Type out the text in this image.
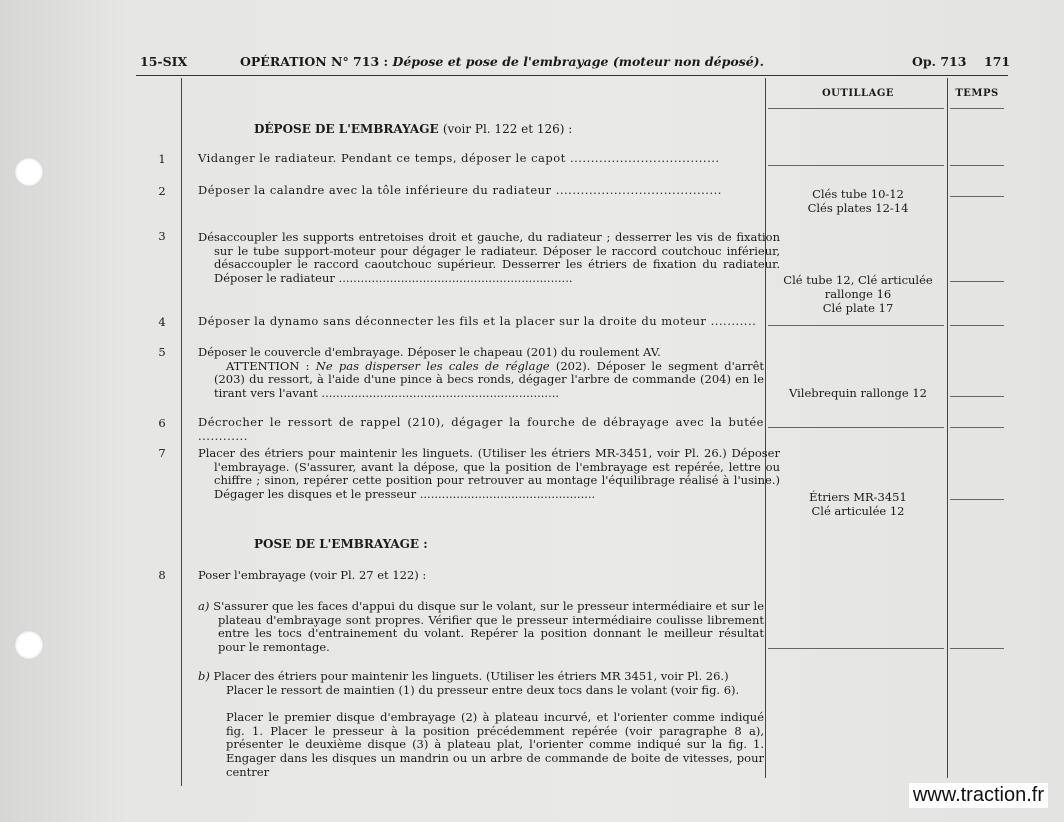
15-SIX	OPÉRATION N° 713 : Dépose et pose de l'embrayage (moteur non déposé).	Op. 713 171
OUTILLAGE	TEMPS
DÉPOSE DE L'EMBRAYAGE (voir Pl. 122 et 126) :
1	Vidanger le radiateur. Pendant ce temps, déposer le capot ....................................
2	Déposer la calandre avec la tôle inférieure du radiateur ........................................	Clés tube 10-12
Clés plates 12-14
3	Désaccoupler les supports entretoises droit et gauche, du radiateur ; desserrer les vis de fixation sur le tube support-moteur pour dégager le radiateur. Déposer le raccord coutchouc inférieur, désaccoupler le raccord caoutchouc supérieur. Desserrer les étriers de fixation du radiateur. Déposer le radiateur ................................................................	Clé tube 12, Clé articulée
rallonge 16
Clé plate 17
4	Déposer la dynamo sans déconnecter les fils et la placer sur la droite du moteur ...........
5	Déposer le couvercle d'embrayage. Déposer le chapeau (201) du roulement AV.
ATTENTION : Ne pas disperser les cales de réglage (202). Déposer le segment d'arrêt (203) du ressort, à l'aide d'une pince à becs ronds, dégager l'arbre de commande (204) en le tirant vers l'avant .................................................................	Vilebrequin rallonge 12
6	Décrocher le ressort de rappel (210), dégager la fourche de débrayage avec la butée ............
7	Placer des étriers pour maintenir les linguets. (Utiliser les étriers MR-3451, voir Pl. 26.) Déposer l'embrayage. (S'assurer, avant la dépose, que la position de l'embrayage est repérée, lettre ou chiffre ; sinon, repérer cette position pour retrouver au montage l'équilibrage réalisé à l'usine.) Dégager les disques et le presseur ................................................	Étriers MR-3451
Clé articulée 12
POSE DE L'EMBRAYAGE :
8	Poser l'embrayage (voir Pl. 27 et 122) :
a) S'assurer que les faces d'appui du disque sur le volant, sur le presseur intermédiaire et sur le plateau d'embrayage sont propres. Vérifier que le presseur intermédiaire coulisse librement entre les tocs d'entrainement du volant. Repérer la position donnant le meilleur résultat pour le remontage.
b) Placer des étriers pour maintenir les linguets. (Utiliser les étriers MR 3451, voir Pl. 26.)
Placer le ressort de maintien (1) du presseur entre deux tocs dans le volant (voir fig. 6).
Placer le premier disque d'embrayage (2) à plateau incurvé, et l'orienter comme indiqué fig. 1. Placer le presseur à la position précédemment repérée (voir paragraphe 8 a), présenter le deuxième disque (3) à plateau plat, l'orienter comme indiqué sur la fig. 1. Engager dans les disques un mandrin ou un arbre de commande de boite de vitesses, pour centrer
www.traction.fr
